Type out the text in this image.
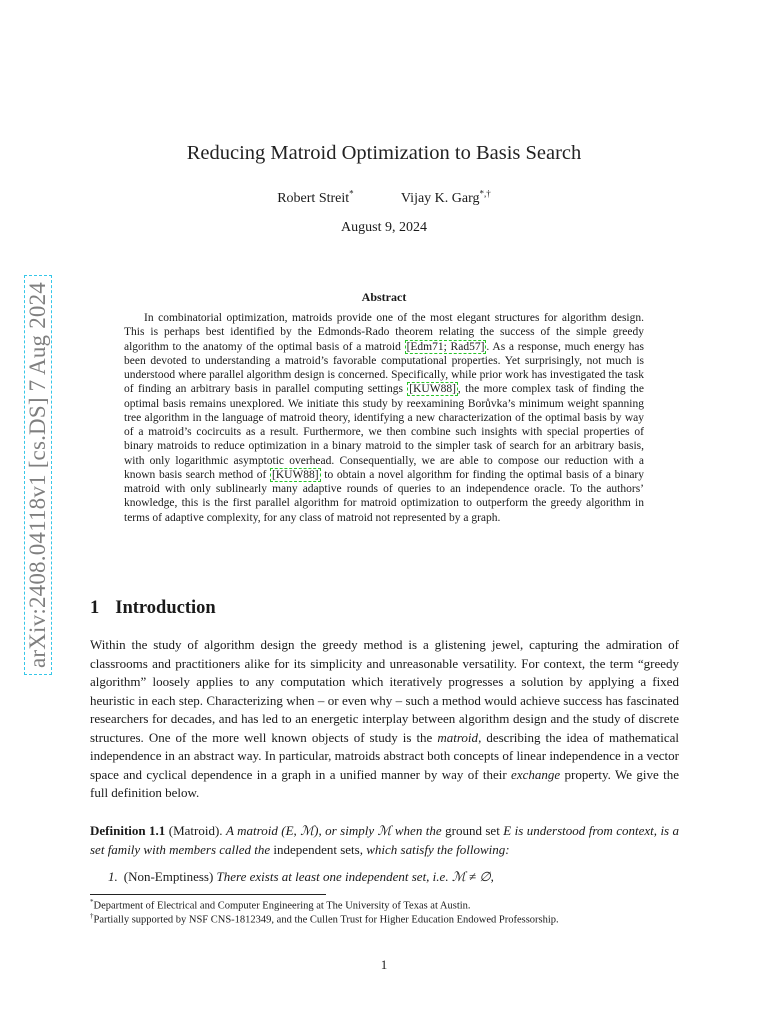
arXiv:2408.04118v1 [cs.DS] 7 Aug 2024
Reducing Matroid Optimization to Basis Search
Robert Streit*	Vijay K. Garg*,†
August 9, 2024
Abstract
In combinatorial optimization, matroids provide one of the most elegant structures for algorithm design. This is perhaps best identified by the Edmonds-Rado theorem relating the success of the simple greedy algorithm to the anatomy of the optimal basis of a matroid [Edm71; Rad57] . As a response, much energy has been devoted to understanding a matroid’s favorable computational properties. Yet surprisingly, not much is understood where parallel algorithm design is concerned. Specifically, while prior work has investigated the task of finding an arbitrary basis in parallel computing settings [KUW88] , the more complex task of finding the optimal basis remains unexplored. We initiate this study by reexamining Borůvka’s minimum weight spanning tree algorithm in the language of matroid theory, identifying a new characterization of the optimal basis by way of a matroid’s cocircuits as a result. Furthermore, we then combine such insights with special properties of binary matroids to reduce optimization in a binary matroid to the simpler task of search for an arbitrary basis, with only logarithmic asymptotic overhead. Consequentially, we are able to compose our reduction with a known basis search method of [KUW88] to obtain a novel algorithm for finding the optimal basis of a binary matroid with only sublinearly many adaptive rounds of queries to an independence oracle. To the authors’ knowledge, this is the first parallel algorithm for matroid optimization to outperform the greedy algorithm in terms of adaptive complexity, for any class of matroid not represented by a graph.
1 Introduction

Within the study of algorithm design the greedy method is a glistening jewel, capturing the admiration of classrooms and practitioners alike for its simplicity and unreasonable versatility. For context, the term “greedy algorithm” loosely applies to any computation which iteratively progresses a solution by applying a fixed heuristic in each step. Characterizing when – or even why – such a method would achieve success has fascinated researchers for decades, and has led to an energetic interplay between algorithm design and the study of discrete structures. One of the more well known objects of study is the matroid, describing the idea of mathematical independence in an abstract way. In particular, matroids abstract both concepts of linear independence in a vector space and cyclical dependence in a graph in a unified manner by way of their exchange property. We give the full definition below.

Definition 1.1 (Matroid). A matroid (E, ℳ), or simply ℳ when the ground set E is understood from context, is a set family with members called the independent sets, which satisfy the following:

1. (Non-Emptiness) There exists at least one independent set, i.e. ℳ ≠ ∅,
*Department of Electrical and Computer Engineering at The University of Texas at Austin.
†Partially supported by NSF CNS-1812349, and the Cullen Trust for Higher Education Endowed Professorship.
1
